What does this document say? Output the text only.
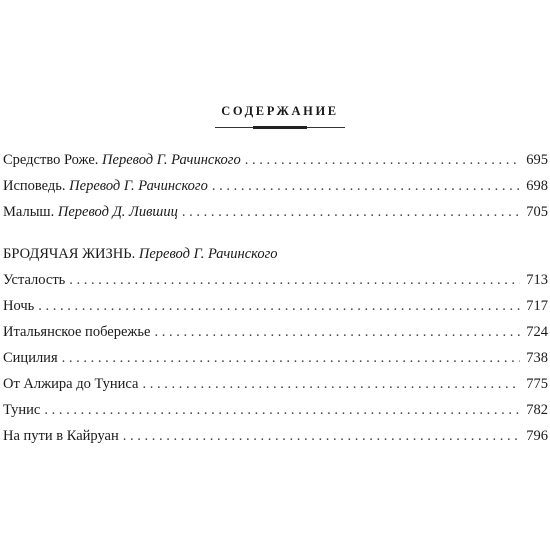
СОДЕРЖАНИЕ
Средство Роже. Перевод Г. Рачинского . . .	695
Исповедь. Перевод Г. Рачинского . . .	698
Малыш. Перевод Д. Лившиц . . .	705
БРОДЯЧАЯ ЖИЗНЬ. Перевод Г. Рачинского
Усталость . . .	713
Ночь . . .	717
Итальянское побережье . . .	724
Сицилия . . .	738
От Алжира до Туниса . . .	775
Тунис . . .	782
На пути в Кайруан . . .	796
